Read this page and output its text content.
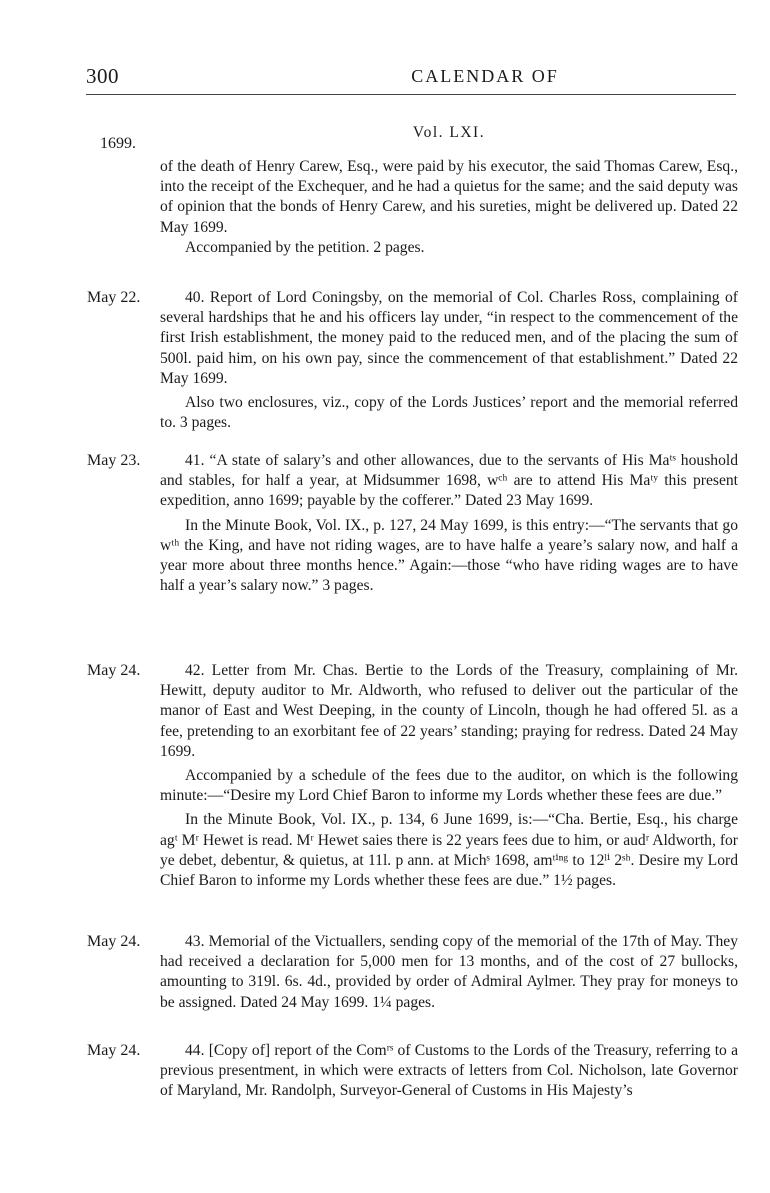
300	CALENDAR OF
Vol. LXI.
1699.

of the death of Henry Carew, Esq., were paid by his executor, the said Thomas Carew, Esq., into the receipt of the Exchequer, and he had a quietus for the same; and the said deputy was of opinion that the bonds of Henry Carew, and his sureties, might be delivered up. Dated 22 May 1699.

Accompanied by the petition. 2 pages.

May 22.	40. Report of Lord Coningsby, on the memorial of Col. Charles Ross, complaining of several hardships that he and his officers lay under, “in respect to the commencement of the first Irish establishment, the money paid to the reduced men, and of the placing the sum of 500l. paid him, on his own pay, since the commencement of that establishment.” Dated 22 May 1699.

Also two enclosures, viz., copy of the Lords Justices’ report and the memorial referred to. 3 pages.

May 23.	41. “A state of salary’s and other allowances, due to the servants of His Maᵗˢ houshold and stables, for half a year, at Midsummer 1698, wᶜʰ are to attend His Maᵗʸ this present expedition, anno 1699; payable by the cofferer.” Dated 23 May 1699.

In the Minute Book, Vol. IX., p. 127, 24 May 1699, is this entry:—“The servants that go wᵗʰ the King, and have not riding wages, are to have halfe a yeare’s salary now, and half a year more about three months hence.” Again:—those “who have riding wages are to have half a year’s salary now.” 3 pages.

May 24.	42. Letter from Mr. Chas. Bertie to the Lords of the Treasury, complaining of Mr. Hewitt, deputy auditor to Mr. Aldworth, who refused to deliver out the particular of the manor of East and West Deeping, in the county of Lincoln, though he had offered 5l. as a fee, pretending to an exorbitant fee of 22 years’ standing; praying for redress. Dated 24 May 1699.

Accompanied by a schedule of the fees due to the auditor, on which is the following minute:—“Desire my Lord Chief Baron to informe my Lords whether these fees are due.”

In the Minute Book, Vol. IX., p. 134, 6 June 1699, is:—“Cha. Bertie, Esq., his charge agᵗ Mʳ Hewet is read. Mʳ Hewet saies there is 22 years fees due to him, or audʳ Aldworth, for ye debet, debentur, & quietus, at 11l. p ann. at Michˢ 1698, amᵗⁱⁿᵍ to 12ˡⁱ 2ˢʰ. Desire my Lord Chief Baron to informe my Lords whether these fees are due.” 1½ pages.

May 24.	43. Memorial of the Victuallers, sending copy of the memorial of the 17th of May. They had received a declaration for 5,000 men for 13 months, and of the cost of 27 bullocks, amounting to 319l. 6s. 4d., provided by order of Admiral Aylmer. They pray for moneys to be assigned. Dated 24 May 1699. 1¼ pages.

May 24.	44. [Copy of] report of the Comʳˢ of Customs to the Lords of the Treasury, referring to a previous presentment, in which were extracts of letters from Col. Nicholson, late Governor of Maryland, Mr. Randolph, Surveyor-General of Customs in His Majesty’s
